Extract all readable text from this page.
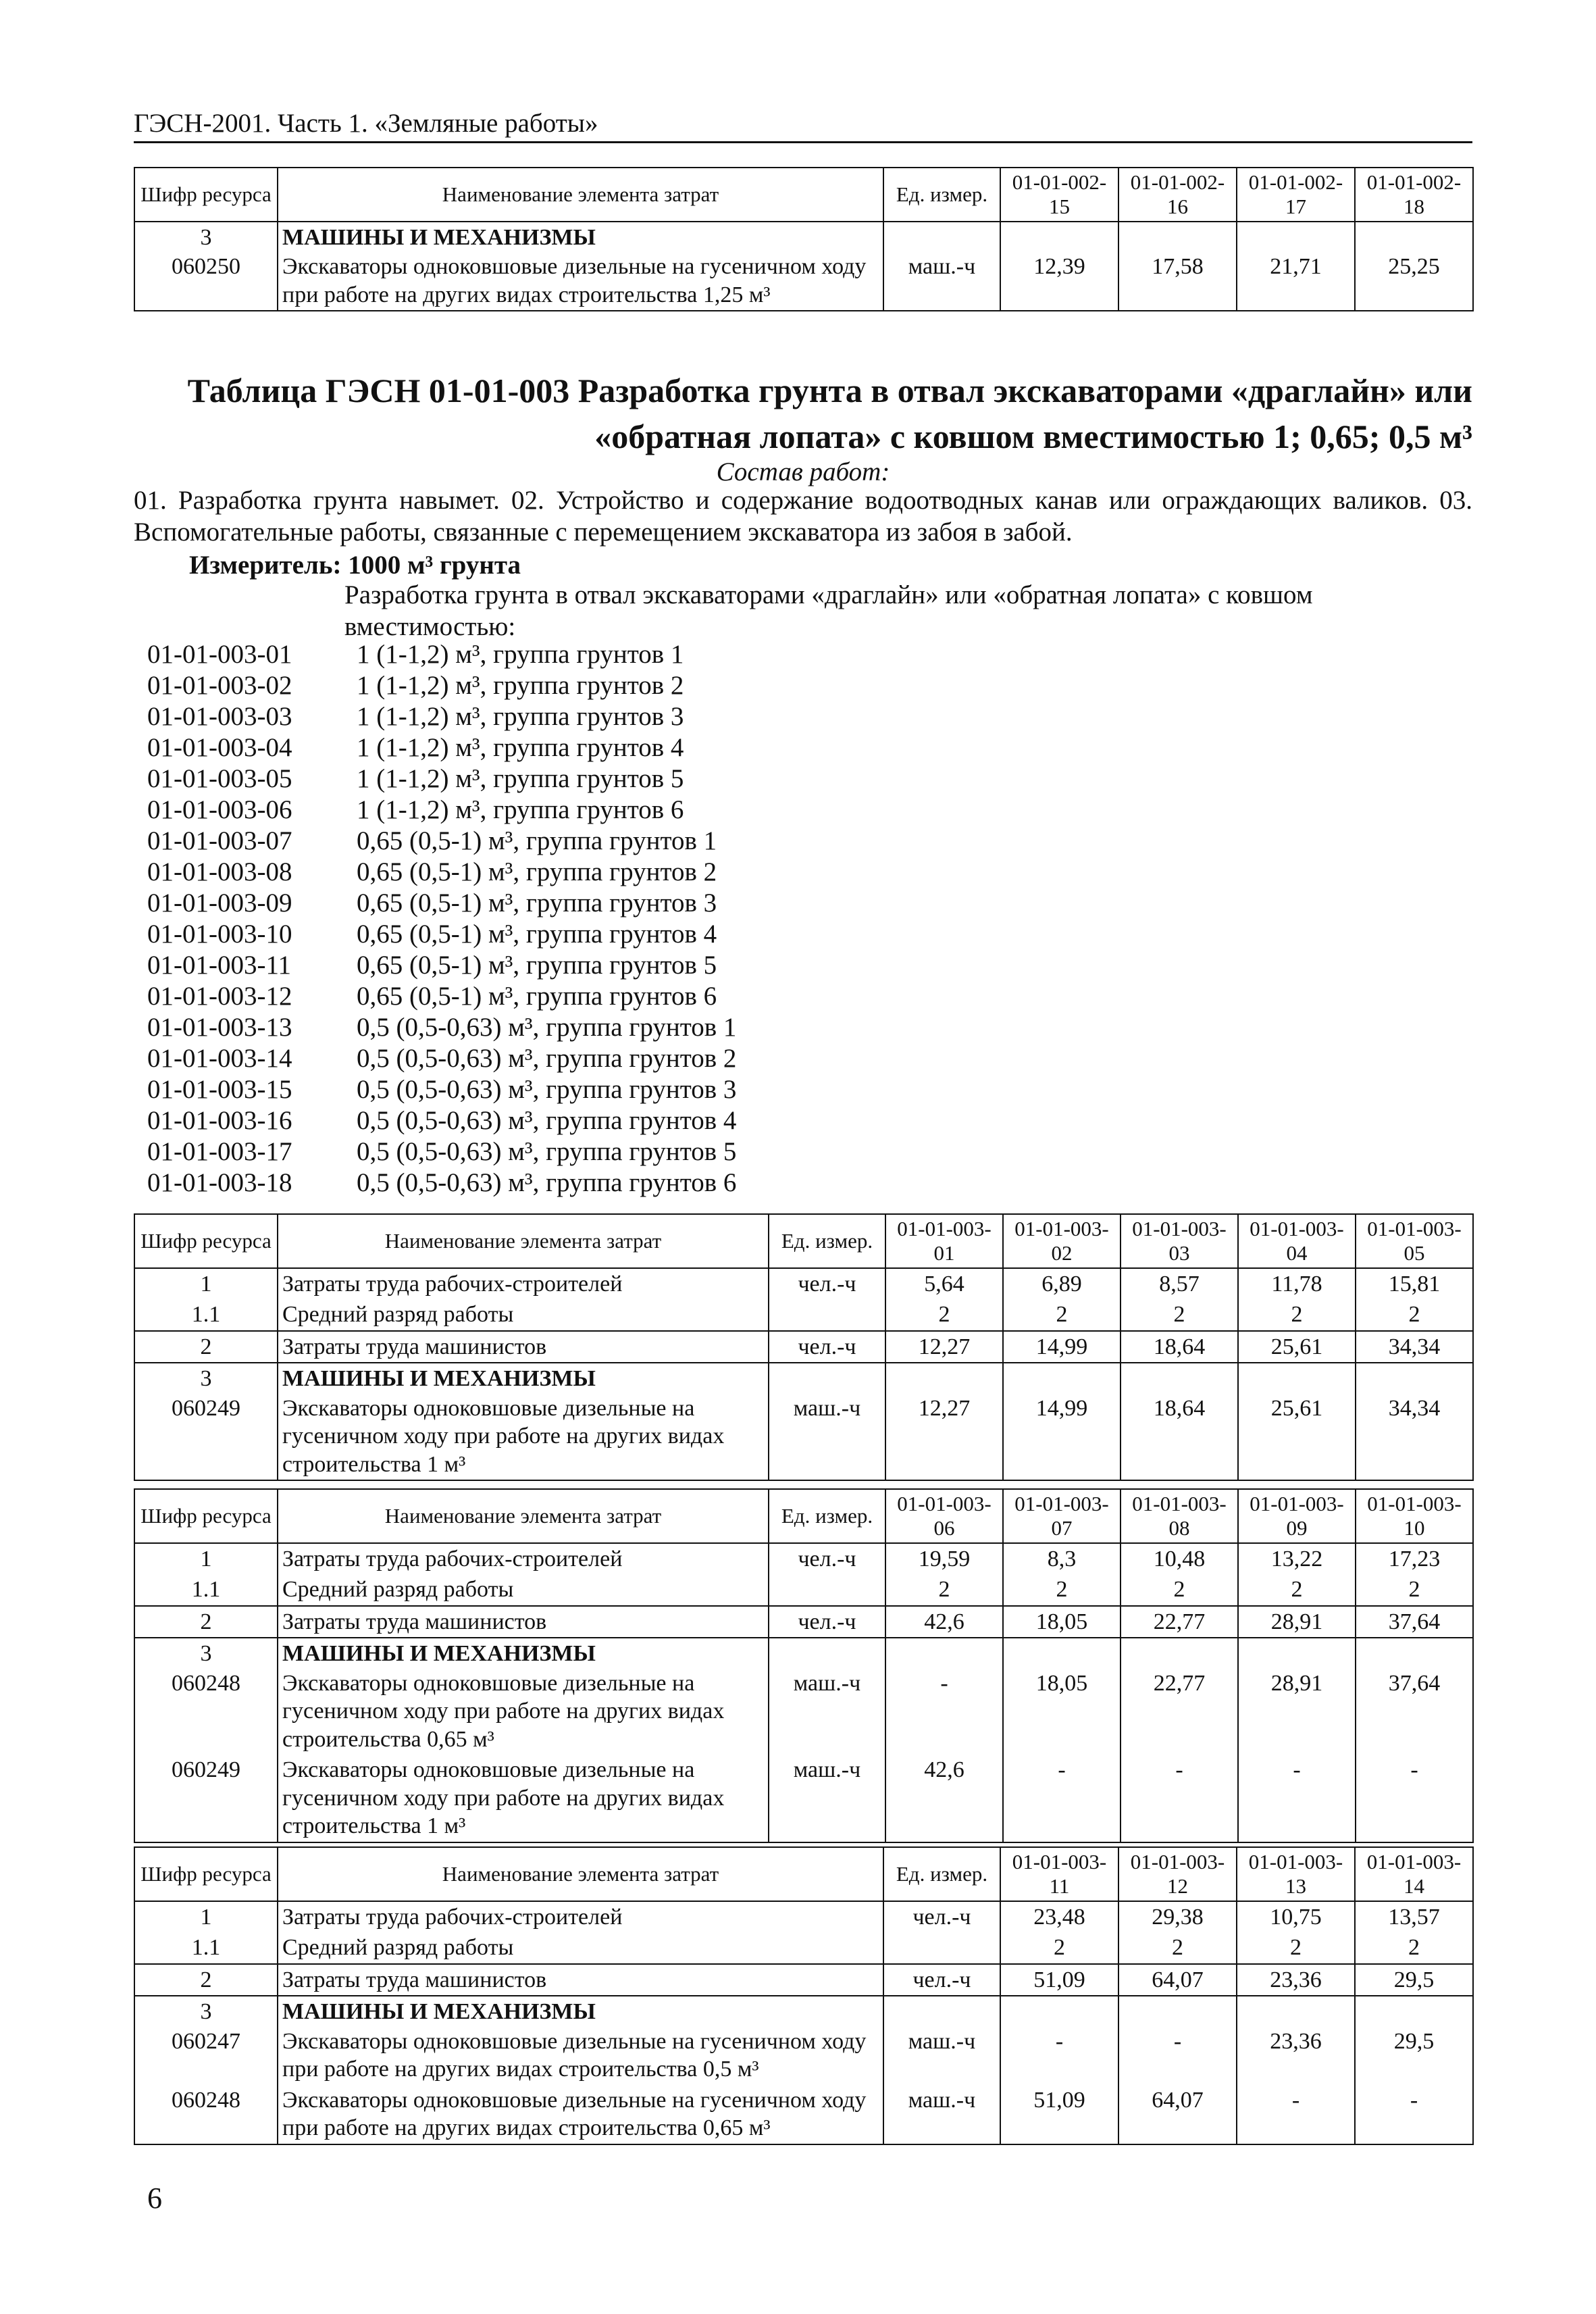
ГЭСН-2001. Часть 1. «Земляные работы»
Шифр ресурса	Наименование элемента затрат	Ед. измер.	01-01-002-15	01-01-002-16	01-01-002-17	01-01-002-18
3	МАШИНЫ И МЕХАНИЗМЫ					
060250	Экскаваторы одноковшовые дизельные на гусеничном ходу при работе на других видах строительства 1,25 м³	маш.-ч	12,39	17,58	21,71	25,25
Таблица ГЭСН 01-01-003 Разработка грунта в отвал экскаваторами «драглайн» или «обратная лопата» с ковшом вместимостью 1; 0,65; 0,5 м³
Состав работ:
01. Разработка грунта навымет. 02. Устройство и содержание водоотводных канав или ограждающих валиков. 03. Вспомогательные работы, связанные с перемещением экскаватора из забоя в забой.
Измеритель: 1000 м³ грунта
Разработка грунта в отвал экскаваторами «драглайн» или «обратная лопата» с ковшом вместимостью:
01-01-003-01	1 (1-1,2) м³, группа грунтов 1
01-01-003-02	1 (1-1,2) м³, группа грунтов 2
01-01-003-03	1 (1-1,2) м³, группа грунтов 3
01-01-003-04	1 (1-1,2) м³, группа грунтов 4
01-01-003-05	1 (1-1,2) м³, группа грунтов 5
01-01-003-06	1 (1-1,2) м³, группа грунтов 6
01-01-003-07	0,65 (0,5-1) м³, группа грунтов 1
01-01-003-08	0,65 (0,5-1) м³, группа грунтов 2
01-01-003-09	0,65 (0,5-1) м³, группа грунтов 3
01-01-003-10	0,65 (0,5-1) м³, группа грунтов 4
01-01-003-11	0,65 (0,5-1) м³, группа грунтов 5
01-01-003-12	0,65 (0,5-1) м³, группа грунтов 6
01-01-003-13	0,5 (0,5-0,63) м³, группа грунтов 1
01-01-003-14	0,5 (0,5-0,63) м³, группа грунтов 2
01-01-003-15	0,5 (0,5-0,63) м³, группа грунтов 3
01-01-003-16	0,5 (0,5-0,63) м³, группа грунтов 4
01-01-003-17	0,5 (0,5-0,63) м³, группа грунтов 5
01-01-003-18	0,5 (0,5-0,63) м³, группа грунтов 6
Шифр ресурса	Наименование элемента затрат	Ед. измер.	01-01-003-01	01-01-003-02	01-01-003-03	01-01-003-04	01-01-003-05
1	Затраты труда рабочих-строителей	чел.-ч	5,64	6,89	8,57	11,78	15,81
1.1	Средний разряд работы		2	2	2	2	2
2	Затраты труда машинистов	чел.-ч	12,27	14,99	18,64	25,61	34,34
3	МАШИНЫ И МЕХАНИЗМЫ						
060249	Экскаваторы одноковшовые дизельные на гусеничном ходу при работе на других видах строительства 1 м³	маш.-ч	12,27	14,99	18,64	25,61	34,34
Шифр ресурса	Наименование элемента затрат	Ед. измер.	01-01-003-06	01-01-003-07	01-01-003-08	01-01-003-09	01-01-003-10
1	Затраты труда рабочих-строителей	чел.-ч	19,59	8,3	10,48	13,22	17,23
1.1	Средний разряд работы		2	2	2	2	2
2	Затраты труда машинистов	чел.-ч	42,6	18,05	22,77	28,91	37,64
3	МАШИНЫ И МЕХАНИЗМЫ						
060248	Экскаваторы одноковшовые дизельные на гусеничном ходу при работе на других видах строительства 0,65 м³	маш.-ч	-	18,05	22,77	28,91	37,64
060249	Экскаваторы одноковшовые дизельные на гусеничном ходу при работе на других видах строительства 1 м³	маш.-ч	42,6	-	-	-	-
Шифр ресурса	Наименование элемента затрат	Ед. измер.	01-01-003-11	01-01-003-12	01-01-003-13	01-01-003-14
1	Затраты труда рабочих-строителей	чел.-ч	23,48	29,38	10,75	13,57
1.1	Средний разряд работы		2	2	2	2
2	Затраты труда машинистов	чел.-ч	51,09	64,07	23,36	29,5
3	МАШИНЫ И МЕХАНИЗМЫ					
060247	Экскаваторы одноковшовые дизельные на гусеничном ходу при работе на других видах строительства 0,5 м³	маш.-ч	-	-	23,36	29,5
060248	Экскаваторы одноковшовые дизельные на гусеничном ходу при работе на других видах строительства 0,65 м³	маш.-ч	51,09	64,07	-	-
6
